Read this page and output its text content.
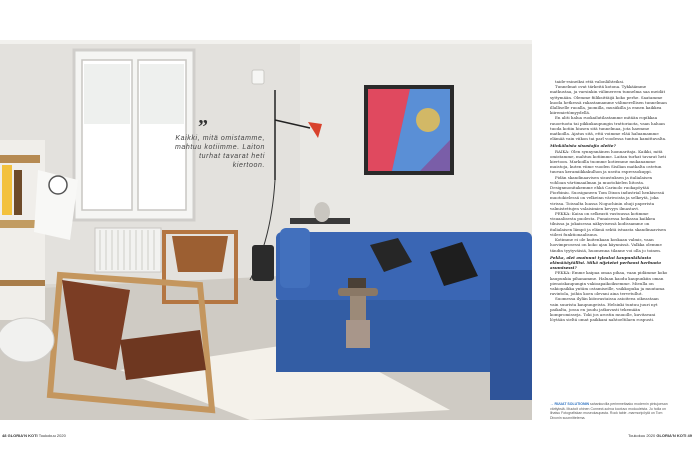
”
Kaikki, mitä omistamme,
mahtuu kotiimme. Laiton
turhat tavarat heti
kiertoon.

taide-esineiksi että valonlähteiksi.

Tunnelmat ovat tärkeitä kotona. Tykkäämme matkustaa, ja varsinkin välimereen tunnelma saa meidät syttymään. Olemme fiiliksittäijä koko perhe. Saatamme kuoda hetkessä rakastamamme välimerellisen tunnelman illalliselle ruoalla, juomilla, musiikilla ja ennen kaikkea kiiremietömyydellä.

En aliti halua ruokailutilastamme mitään ropikkaa rauoetuota tai pikkukaupungin trattoriaota, vaan haluan tuoda kotiin hiusen sitä tunnelmaa, jota haemme matkoilla. Ajatus sitä, että voimme elää haluamamme elämää vain viikon tai parl voodessa tuntuu kamittavalta.

Minkälaista sisustajia olette?

RAIKA: Olen synnynnäinen luonnaritaja. Kaikki, mitä omistamme, mahtuu kotiimme. Laitan turhat tavarat heti kiertoon. Markoilla tuomme kotiemme mukanamme muistoja, kuten viime vuoden Sisilian matkalta ostetun tuuvan keramiikkakulhon ja useita espressokuppi.

Pidän skandinaavisen sisustuksen ja italialaisen vohloan värtimaailman ja muotokielen liitosta. Designmonitakemme ehkä Carinolo ruokapöytää Fiorbiniu. Suosiganeen Tom Dixon industrial henkisessä muotokielessä on velkeinn värivoista ja selkeytä, joka virissa. Toissalta luassa Noguchinin ohuji paperista valmistettujen valaisimien kevyys ilmastavt.

PEKKA: Kaisa on selkeasti vastuussa kotimme visuaalisesta puolesta. Punaisessa heikassa kaikkea tilnissa ja jokaisessa näkyvisessä kodissamme on italialaisen lämpö ja elämä sektä istuasta skandinaavisen viileei funktionaalisuus.

Kotimme ei ole kuitenkaan koskaan valmis, vaan luovimprosessi on koko ajan käynnissä. Valkka olemme tändin tyytyväisiä, huomenna tilanne voi olla jo toinen.

Pekka, olet asuinuut tyleaksi kaupunkikiasta elämääöytällisi. Mikä nijetetet perheosi herbuoto asumisessi?

PEKKA: Emme kaipaa omaa pihaa, vaan pidämme koko kaupunkia pihanamme. Haluan kaodu kaupunkiin oman pienoiskaupungin vakioapaikoiksemme. Mieulla on vakiopaikka yntäm ostamiseille, vaikkopuka ja muutama ravintola, joihin koen olevani aina tervetullut.

Suomessa ilylän kiönvastaissa asioiteea oikeastaan vain suurista kaupungeista. Helsinki tuntuu juuri nyt paikalta, jossa en joudu jatkuvasti tekemään kompromisseja. Toki jos arostin muuolle, kuvitavani löytään sieltä omat paikkani nahtoeltilaen rospusti.

→ RUUAT SOLUTIONIN sahankuvilla perimmeltaako modernin pintujoesan värityksiä. Muutoit ohinen Connect-sohva kootuvo moduuleista. Ju holla on lihatsu Fotografiskan museokaupasta. Rock table -marmoripöytä on Tom Dixonin suunnittelema.
48 GLORIA'N KOTI Toukokuu 2020	Toukokuu 2020 GLORIA'N KOTI 49
